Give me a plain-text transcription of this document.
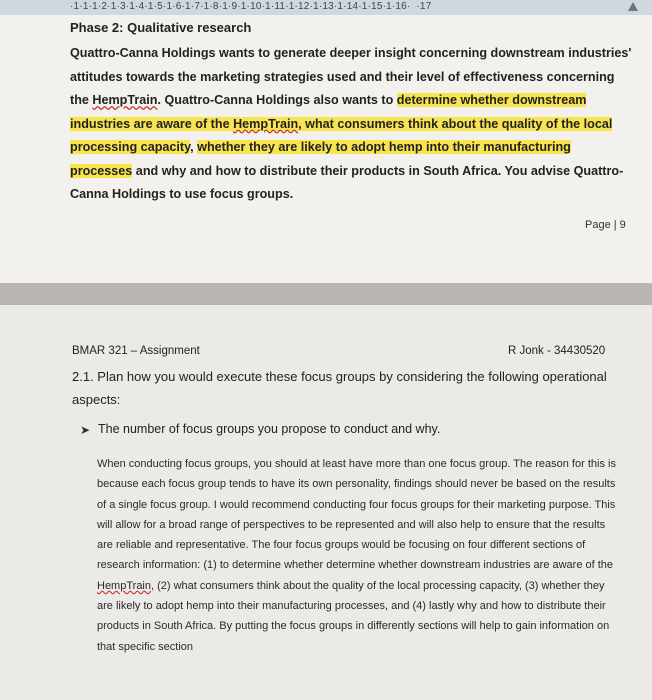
·1·1·1·2·1·3·1·4·1·5·1·6·1·7·1·8·1·9·1·10·1·11·1·12·1·13·1·14·1·15·1·16·  ·17
Phase 2: Qualitative research
Quattro-Canna Holdings wants to generate deeper insight concerning downstream industries' attitudes towards the marketing strategies used and their level of effectiveness concerning the HempTrain. Quattro-Canna Holdings also wants to determine whether downstream industries are aware of the HempTrain, what consumers think about the quality of the local processing capacity, whether they are likely to adopt hemp into their manufacturing processes and why and how to distribute their products in South Africa. You advise Quattro-Canna Holdings to use focus groups.
Page | 9
BMAR 321 – Assignment	R Jonk - 34430520
2.1. Plan how you would execute these focus groups by considering the following operational aspects:
➤ The number of focus groups you propose to conduct and why.
When conducting focus groups, you should at least have more than one focus group. The reason for this is because each focus group tends to have its own personality, findings should never be based on the results of a single focus group. I would recommend conducting four focus groups for their marketing purpose. This will allow for a broad range of perspectives to be represented and will also help to ensure that the results are reliable and representative. The four focus groups would be focusing on four different sections of research information: (1) to determine whether determine whether downstream industries are aware of the HempTrain, (2) what consumers think about the quality of the local processing capacity, (3) whether they are likely to adopt hemp into their manufacturing processes, and (4) lastly why and how to distribute their products in South Africa. By putting the focus groups in differently sections will help to gain information on that specific section
